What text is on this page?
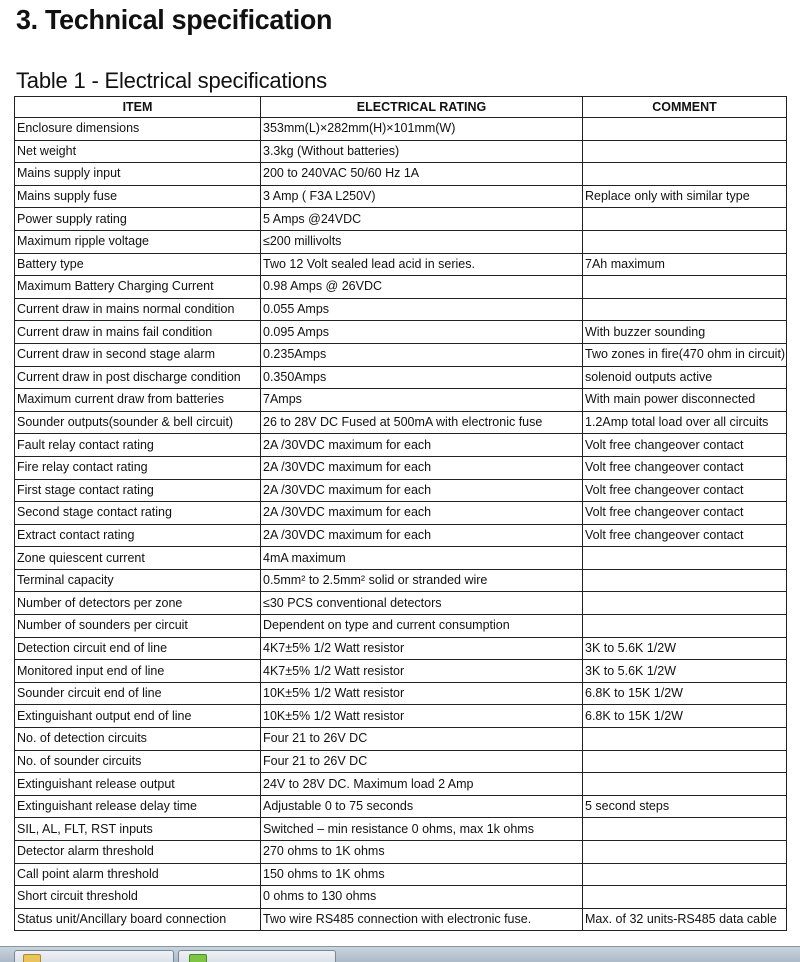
3. Technical specification
Table 1 - Electrical specifications
ITEM	ELECTRICAL RATING	COMMENT
Enclosure dimensions	353mm(L)×282mm(H)×101mm(W)	
Net weight	3.3kg (Without batteries)	
Mains supply input	200 to 240VAC 50/60 Hz 1A	
Mains supply fuse	3 Amp ( F3A L250V)	Replace only with similar type
Power supply rating	5 Amps @24VDC	
Maximum ripple voltage	≤200 millivolts	
Battery type	Two 12 Volt sealed lead acid in series.	7Ah maximum
Maximum Battery Charging Current	0.98 Amps @ 26VDC	
Current draw in mains normal condition	0.055 Amps	
Current draw in mains fail condition	0.095 Amps	With buzzer sounding
Current draw in second stage alarm	0.235Amps	Two zones in fire(470 ohm in circuit)
Current draw in post discharge condition	0.350Amps	solenoid outputs active
Maximum current draw from batteries	7Amps	With main power disconnected
Sounder outputs(sounder & bell circuit)	26 to 28V DC Fused at 500mA with electronic fuse	1.2Amp total load over all circuits
Fault relay contact rating	2A /30VDC maximum for each	Volt free changeover contact
Fire relay contact rating	2A /30VDC maximum for each	Volt free changeover contact
First stage contact rating	2A /30VDC maximum for each	Volt free changeover contact
Second stage contact rating	2A /30VDC maximum for each	Volt free changeover contact
Extract contact rating	2A /30VDC maximum for each	Volt free changeover contact
Zone quiescent current	4mA maximum	
Terminal capacity	0.5mm² to 2.5mm² solid or stranded wire	
Number of detectors per zone	≤30 PCS conventional detectors	
Number of sounders per circuit	Dependent on type and current consumption	
Detection circuit end of line	4K7±5% 1/2 Watt resistor	3K to 5.6K 1/2W
Monitored input end of line	4K7±5% 1/2 Watt resistor	3K to 5.6K 1/2W
Sounder circuit end of line	10K±5% 1/2 Watt resistor	6.8K to 15K 1/2W
Extinguishant output end of line	10K±5% 1/2 Watt resistor	6.8K to 15K 1/2W
No. of detection circuits	Four 21 to 26V DC	
No. of sounder circuits	Four 21 to 26V DC	
Extinguishant release output	24V to 28V DC. Maximum load 2 Amp	
Extinguishant release delay time	Adjustable 0 to 75 seconds	5 second steps
SIL, AL, FLT, RST inputs	Switched – min resistance 0 ohms, max 1k ohms	
Detector alarm threshold	270 ohms to 1K ohms	
Call point alarm threshold	150 ohms to 1K ohms	
Short circuit threshold	0 ohms to 130 ohms	
Status unit/Ancillary board connection	Two wire RS485 connection with electronic fuse.	Max. of 32 units-RS485 data cable
